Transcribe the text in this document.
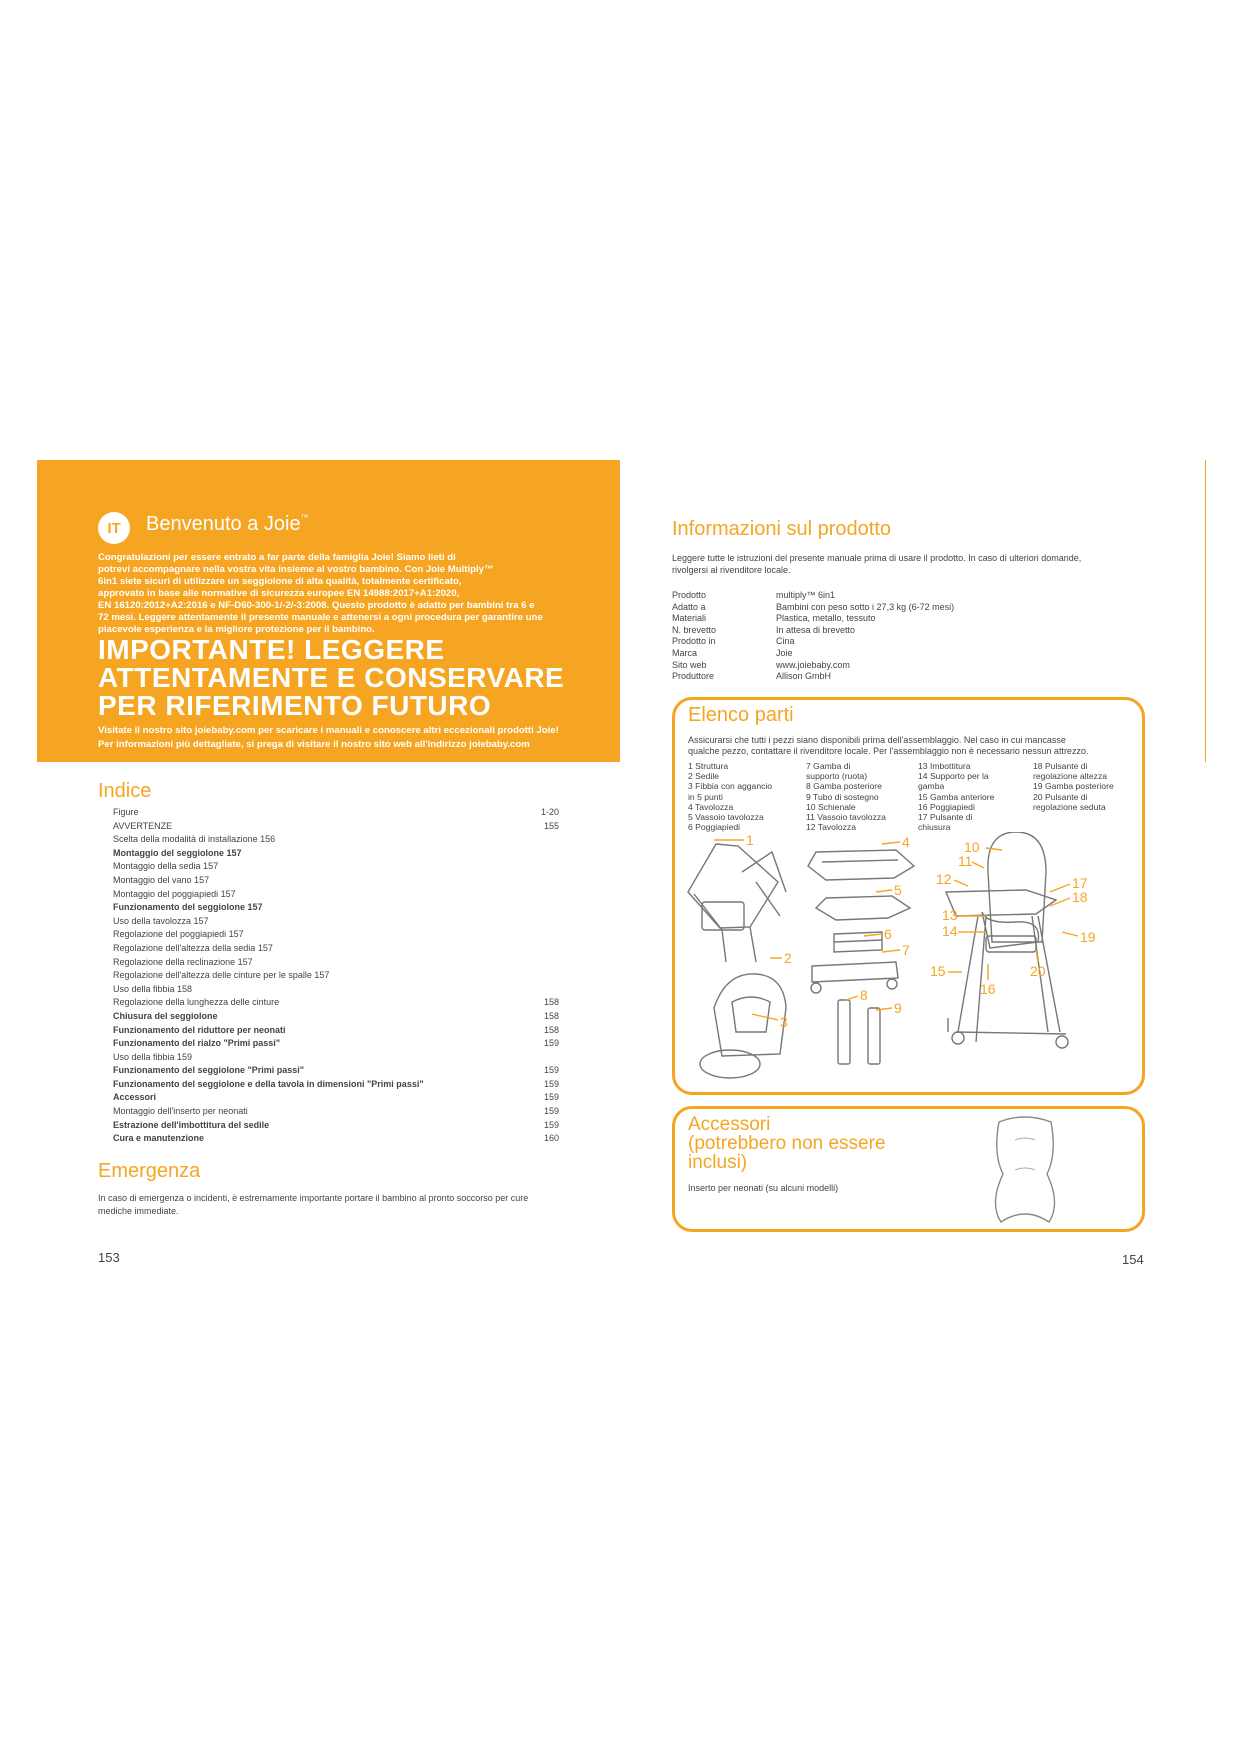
IT	Benvenuto a Joie™
Congratulazioni per essere entrato a far parte della famiglia Joie! Siamo lieti di
potrevi accompagnare nella vostra vita insieme al vostro bambino. Con Joie Multiply™
6in1 siete sicuri di utilizzare un seggiolone di alta qualità, totalmente certificato,
approvato in base alle normative di sicurezza europee EN 14988:2017+A1:2020,
EN 16120:2012+A2:2016 e NF-D60-300-1/-2/-3:2008. Questo prodotto è adatto per bambini tra 6 e
72 mesi. Leggere attentamente il presente manuale e attenersi a ogni procedura per garantire une
piacevole esperienza e la migliore protezione per il bambino.
IMPORTANTE! LEGGERE
ATTENTAMENTE E CONSERVARE
PER RIFERIMENTO FUTURO
Visitate il nostro sito joiebaby.com per scaricare i manuali e conoscere altri eccezionali prodotti Joie!
Per informazioni più dettagliate, si prega di visitare il nostro sito web all'indirizzo joiebaby.com
Indice
Figure	1-20
AVVERTENZE	155
Scelta della modalità di installazione 156
Montaggio del seggiolone 157
Montaggio della sedia 157
Montaggio del vano 157
Montaggio del poggiapiedi 157
Funzionamento del seggiolone 157
Uso della tavolozza 157
Regolazione del poggiapiedi 157
Regolazione dell'altezza della sedia 157
Regolazione della reclinazione 157
Regolazione dell'altezza delle cinture per le spalle 157
Uso della fibbia 158
Regolazione della lunghezza delle cinture	158
Chiusura del seggiolone	158
Funzionamento del riduttore per neonati	158
Funzionamento del rialzo "Primi passi"	159
Uso della fibbia 159
Funzionamento del seggiolone "Primi passi"	159
Funzionamento del seggiolone e della tavola in dimensioni "Primi passi"	159
Accessori	159
Montaggio dell'inserto per neonati	159
Estrazione dell'imbottitura del sedile	159
Cura e manutenzione	160
Emergenza
In caso di emergenza o incidenti, è estremamente importante portare il bambino al pronto soccorso per cure
mediche immediate.
153
Informazioni sul prodotto
Leggere tutte le istruzioni del presente manuale prima di usare il prodotto. In caso di ulteriori domande,
rivolgersi al rivenditore locale.
Prodotto	multiply™ 6in1
Adatto a	Bambini con peso sotto i 27,3 kg (6-72 mesi)
Materiali	Plastica, metallo, tessuto
N. brevetto	In attesa di brevetto
Prodotto in	Cina
Marca	Joie
Sito web	www.joiebaby.com
Produttore	Allison GmbH
Elenco parti
Assicurarsi che tutti i pezzi siano disponibili prima dell'assemblaggio. Nel caso in cui mancasse
qualche pezzo, contattare il rivenditore locale. Per l'assemblaggio non è necessario nessun attrezzo.
1 Struttura
2 Sedile
3 Fibbia con aggancio
in 5 punti
4 Tavolozza
5 Vassoio tavolozza
6 Poggiapiedi
7 Gamba di
supporto (ruota)
8 Gamba posteriore
9 Tubo di sostegno
10 Schienale
11 Vassoio tavolozza
12 Tavolozza
13 Imbottitura
14 Supporto per la
gamba
15 Gamba anteriore
16 Poggiapiedi
17 Pulsante di
chiusura
18 Pulsante di
regolazione altezza
19 Gamba posteriore
20 Pulsante di
regolazione seduta
1
2
3
4
5
6
7
8
9
10
11
12
13
14
15
16
17
18
19
20
Accessori
(potrebbero non essere
inclusi)
Inserto per neonati (su alcuni modelli)
154
